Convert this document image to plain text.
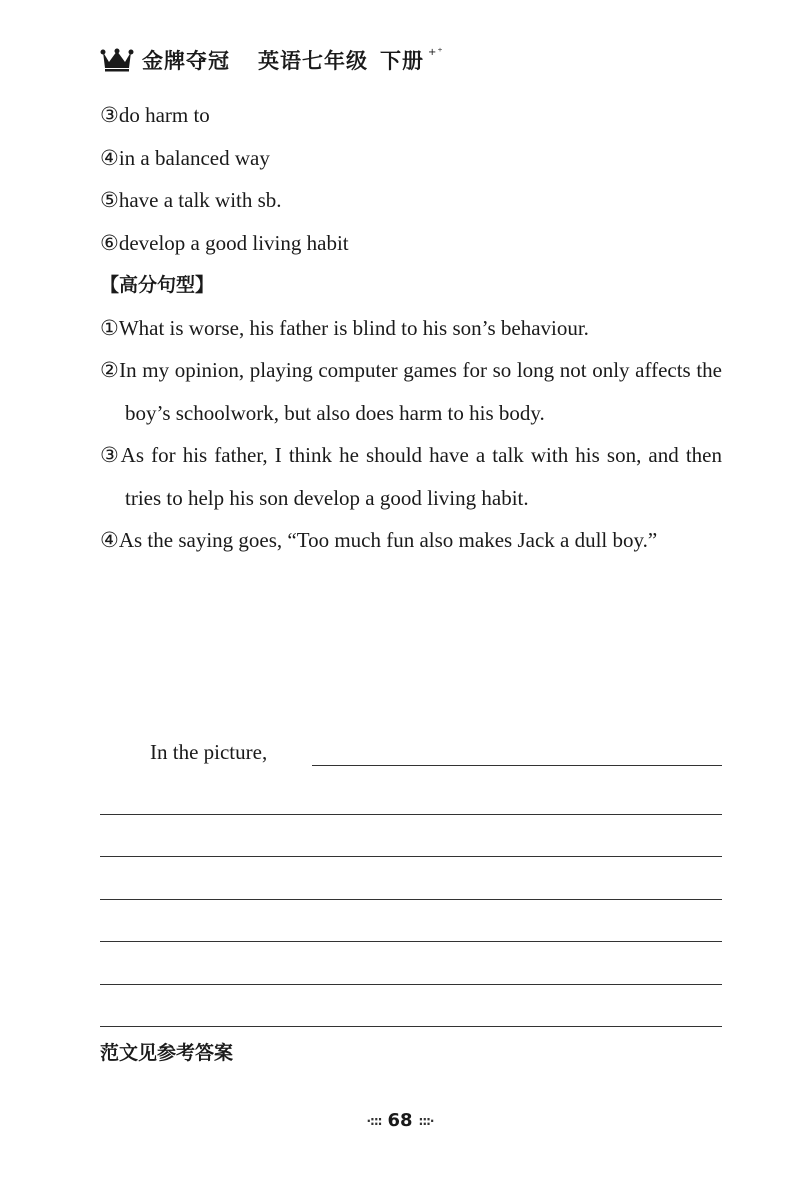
金牌夺冠 英语七年级 下册 +⁺
③do harm to
④in a balanced way
⑤have a talk with sb.
⑥develop a good living habit
【高分句型】
①What is worse, his father is blind to his son’s behaviour.
②In my opinion, playing computer games for so long not only affects the boy’s schoolwork, but also does harm to his body.
③As for his father, I think he should have a talk with his son, and then tries to help his son develop a good living habit.
④As the saying goes, “Too much fun also makes Jack a dull boy.”
In the picture,
范文见参考答案
·::: 68 :::·
